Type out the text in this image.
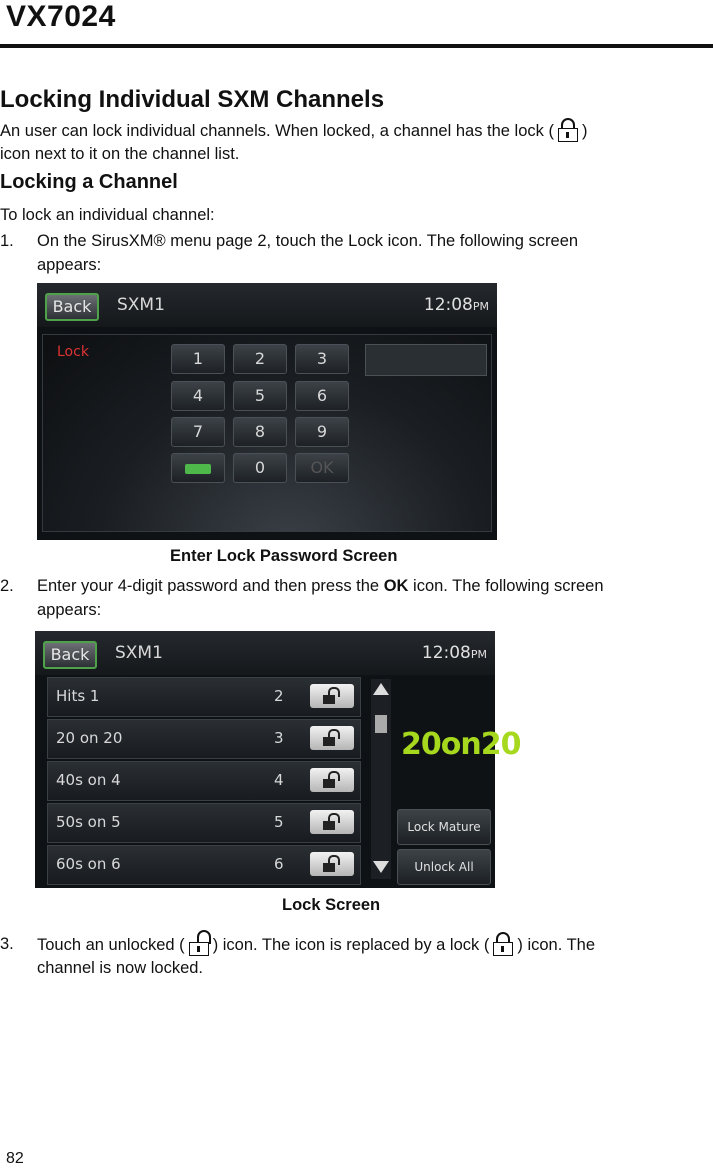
VX7024
Locking Individual SXM Channels
An user can lock individual channels. When locked, a channel has the lock ( )
icon next to it on the channel list.
Locking a Channel
To lock an individual channel:
1. On the SirusXM® menu page 2, touch the Lock icon. The following screen
appears:
Back	SXM1	12:08PM
Lock	1	2	3
4	5	6
7	8	9
0	OK
Enter Lock Password Screen
2. Enter your 4-digit password and then press the OK icon. The following screen
appears:
Back	SXM1	12:08PM
Hits 1	2
20 on 20	3
40s on 4	4
50s on 5	5
60s on 6	6
20on20
Lock Mature
Unlock All
Lock Screen
3. Touch an unlocked ( ) icon. The icon is replaced by a lock ( ) icon. The
channel is now locked.
82
